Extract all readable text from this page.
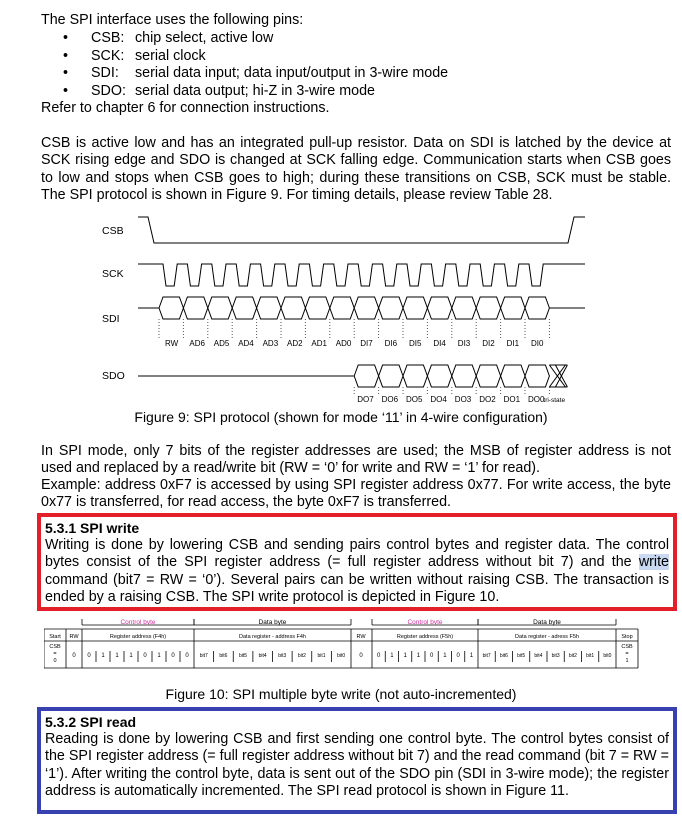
The SPI interface uses the following pins:

• CSB: chip select, active low
• SCK: serial clock
• SDI: serial data input; data input/output in 3-wire mode
• SDO: serial data output; hi-Z in 3-wire mode

Refer to chapter 6 for connection instructions.

CSB is active low and has an integrated pull-up resistor. Data on SDI is latched by the device at SCK rising edge and SDO is changed at SCK falling edge. Communication starts when CSB goes to low and stops when CSB goes to high; during these transitions on CSB, SCK must be stable. The SPI protocol is shown in Figure 9. For timing details, please review Table 28.

CSB
SCK
SDI
SDO
RW AD6 AD5 AD4 AD3 AD2 AD1 AD0 DI7 DI6 DI5 DI4 DI3 DI2 DI1 DI0
DO7 DO6 DO5 DO4 DO3 DO2 DO1 DO0
tri-state
Figure 9: SPI protocol (shown for mode ‘11’ in 4-wire configuration)

In SPI mode, only 7 bits of the register addresses are used; the MSB of register address is not used and replaced by a read/write bit (RW = ‘0’ for write and RW = ‘1’ for read).

Example: address 0xF7 is accessed by using SPI register address 0x77. For write access, the byte 0x77 is transferred, for read access, the byte 0xF7 is transferred.

5.3.1 SPI write

Writing is done by lowering CSB and sending pairs control bytes and register data. The control bytes consist of the SPI register address (= full register address without bit 7) and the write command (bit7 = RW = ‘0’). Several pairs can be written without raising CSB. The transaction is ended by a raising CSB. The SPI write protocol is depicted in Figure 10.

Control byte	Data byte	Control byte	Data byte
Start RW	RW	Stop
Register address (F4h)	Data register - address F4h	Register address (F5h)	Data register - adress F5h
CSB
=
0
CSB
=
1
0	0
0 1 1 1 0 1 0 0 bit7 bit6 bit5 bit4 bit3 bit2 bit1 bit0	0 1 1 1 0 1 0 1 bit7 bit6 bit5 bit4 bit3 bit2 bit1 bit0
Figure 10: SPI multiple byte write (not auto-incremented)
5.3.2 SPI read

Reading is done by lowering CSB and first sending one control byte. The control bytes consist of the SPI register address (= full register address without bit 7) and the read command (bit 7 = RW = ‘1’). After writing the control byte, data is sent out of the SDO pin (SDI in 3-wire mode); the register address is automatically incremented. The SPI read protocol is shown in Figure 11.
